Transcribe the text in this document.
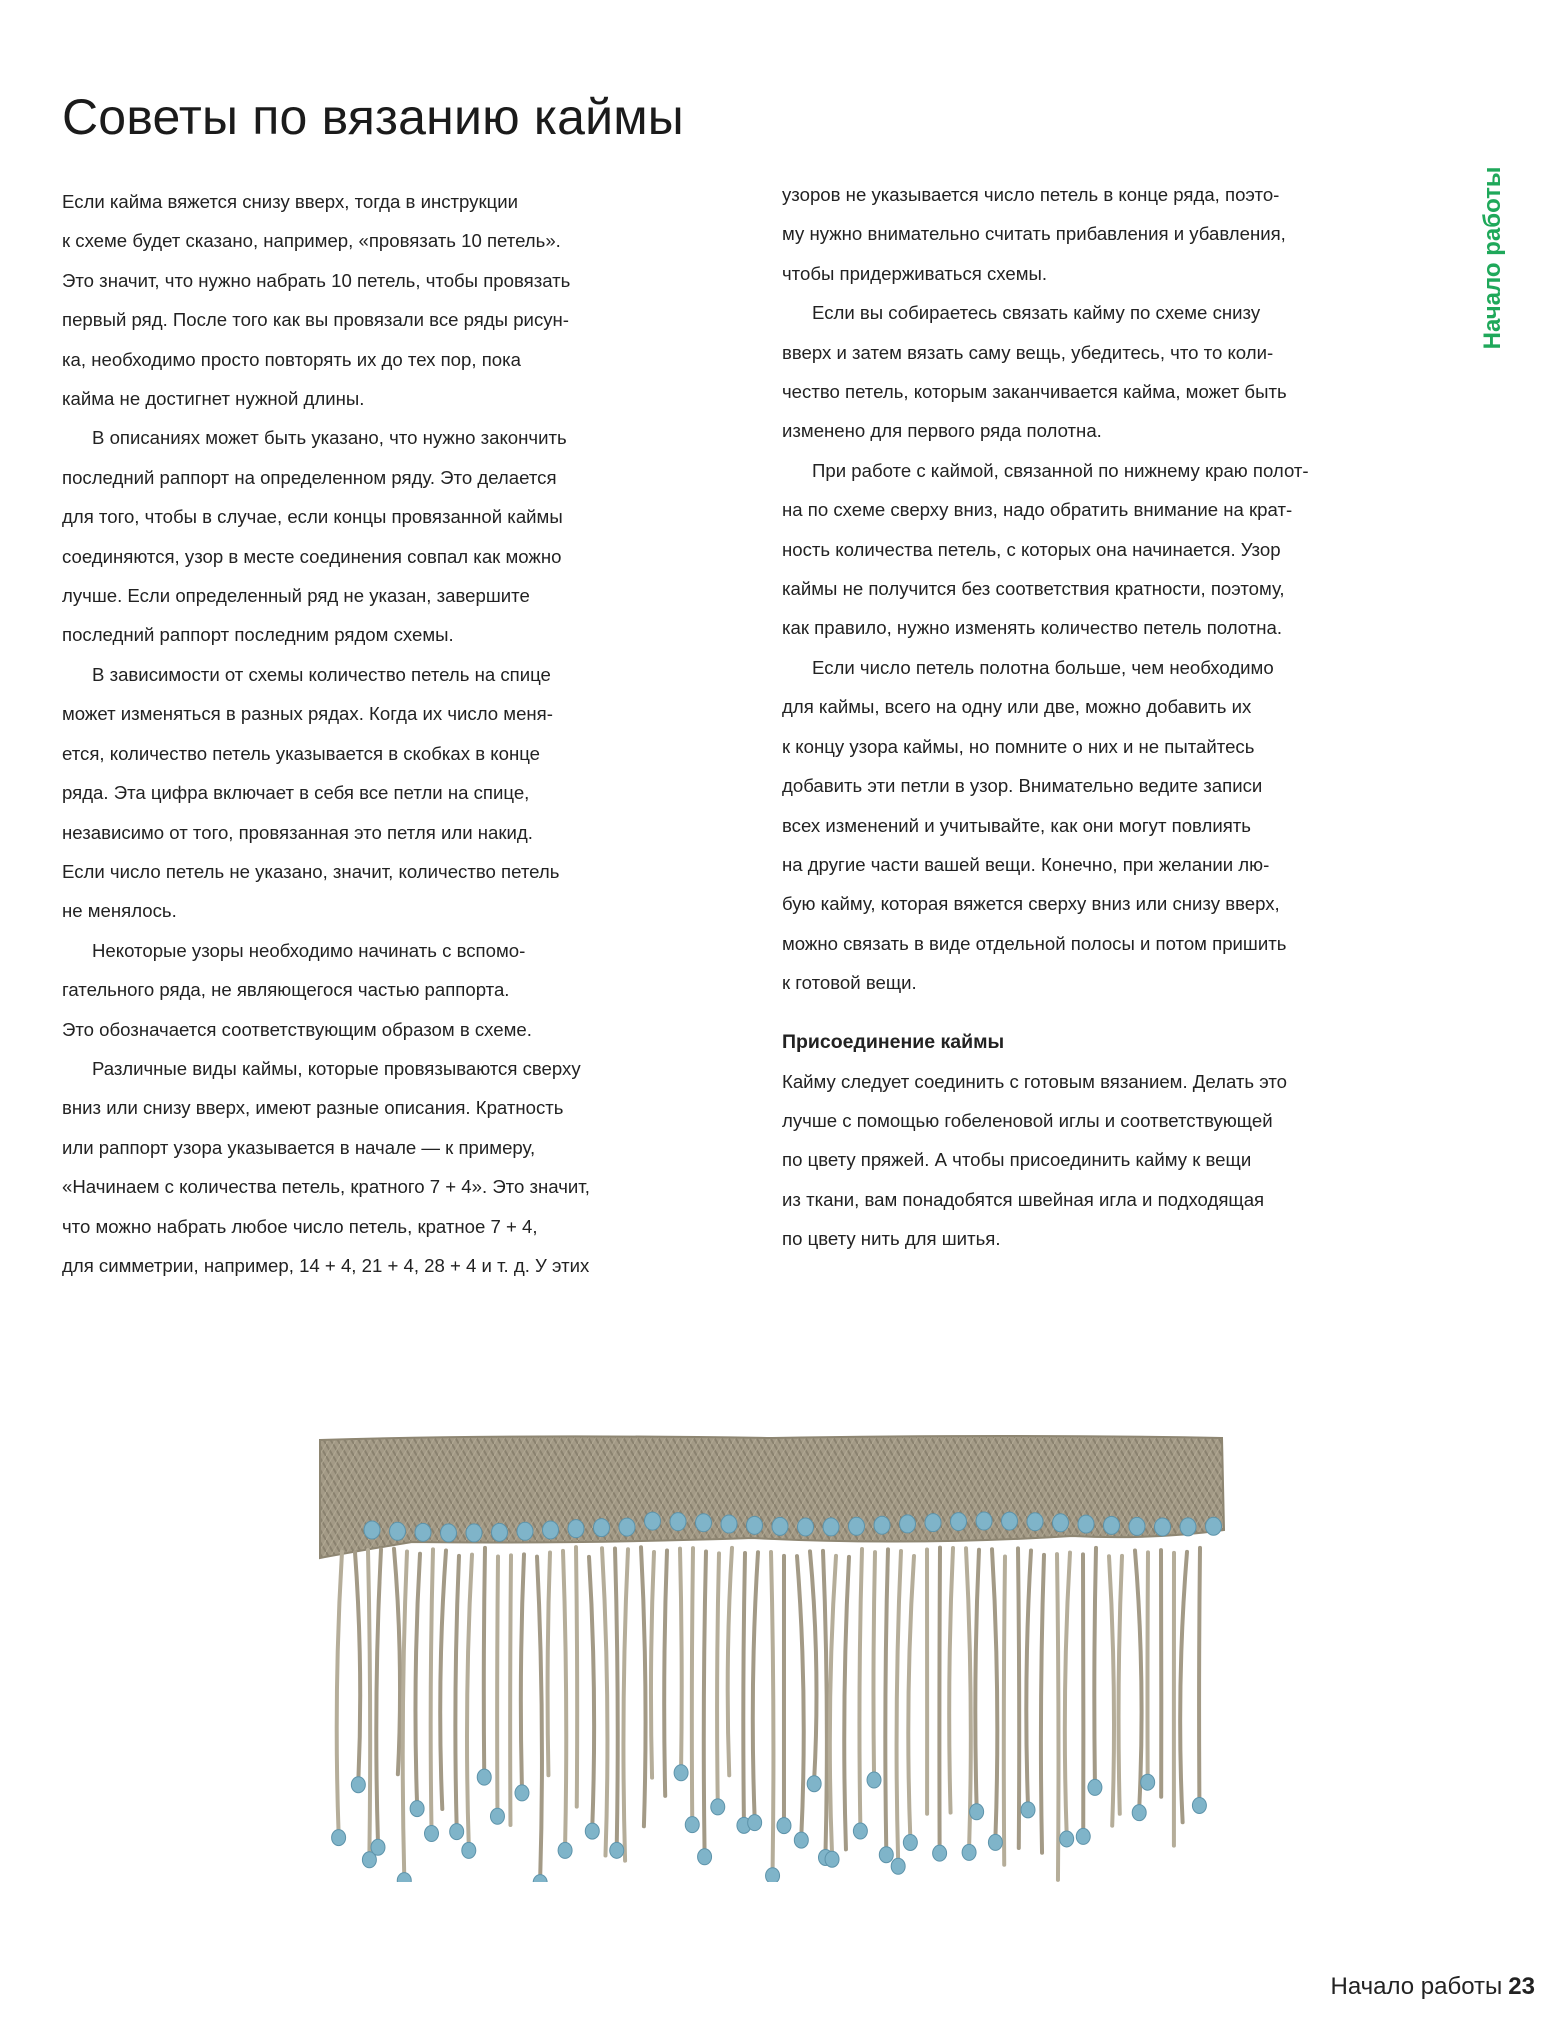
Советы по вязанию каймы
Начало работы

Если кайма вяжется снизу вверх, тогда в инструкции
к схеме будет сказано, например, «провязать 10 петель».
Это значит, что нужно набрать 10 петель, чтобы провязать
первый ряд. После того как вы провязали все ряды рисун-
ка, необходимо просто повторять их до тех пор, пока
кайма не достигнет нужной длины.

В описаниях может быть указано, что нужно закончить
последний раппорт на определенном ряду. Это делается
для того, чтобы в случае, если концы провязанной каймы
соединяются, узор в месте соединения совпал как можно
лучше. Если определенный ряд не указан, завершите
последний раппорт последним рядом схемы.

В зависимости от схемы количество петель на спице
может изменяться в разных рядах. Когда их число меня-
ется, количество петель указывается в скобках в конце
ряда. Эта цифра включает в себя все петли на спице,
независимо от того, провязанная это петля или накид.
Если число петель не указано, значит, количество петель
не менялось.

Некоторые узоры необходимо начинать с вспомо-
гательного ряда, не являющегося частью раппорта.
Это обозначается соответствующим образом в схеме.

Различные виды каймы, которые провязываются сверху
вниз или снизу вверх, имеют разные описания. Кратность
или раппорт узора указывается в начале — к примеру,
«Начинаем с количества петель, кратного 7 + 4». Это значит,
что можно набрать любое число петель, кратное 7 + 4,
для симметрии, например, 14 + 4, 21 + 4, 28 + 4 и т. д. У этих

узоров не указывается число петель в конце ряда, поэто-
му нужно внимательно считать прибавления и убавления,
чтобы придерживаться схемы.

Если вы собираетесь связать кайму по схеме снизу
вверх и затем вязать саму вещь, убедитесь, что то коли-
чество петель, которым заканчивается кайма, может быть
изменено для первого ряда полотна.

При работе с каймой, связанной по нижнему краю полот-
на по схеме сверху вниз, надо обратить внимание на крат-
ность количества петель, с которых она начинается. Узор
каймы не получится без соответствия кратности, поэтому,
как правило, нужно изменять количество петель полотна.

Если число петель полотна больше, чем необходимо
для каймы, всего на одну или две, можно добавить их
к концу узора каймы, но помните о них и не пытайтесь
добавить эти петли в узор. Внимательно ведите записи
всех изменений и учитывайте, как они могут повлиять
на другие части вашей вещи. Конечно, при желании лю-
бую кайму, которая вяжется сверху вниз или снизу вверх,
можно связать в виде отдельной полосы и потом пришить
к готовой вещи.

Присоединение каймы

Кайму следует соединить с готовым вязанием. Делать это
лучше с помощью гобеленовой иглы и соответствующей
по цвету пряжей. А чтобы присоединить кайму к вещи
из ткани, вам понадобятся швейная игла и подходящая
по цвету нить для шитья.

Начало работы 23
